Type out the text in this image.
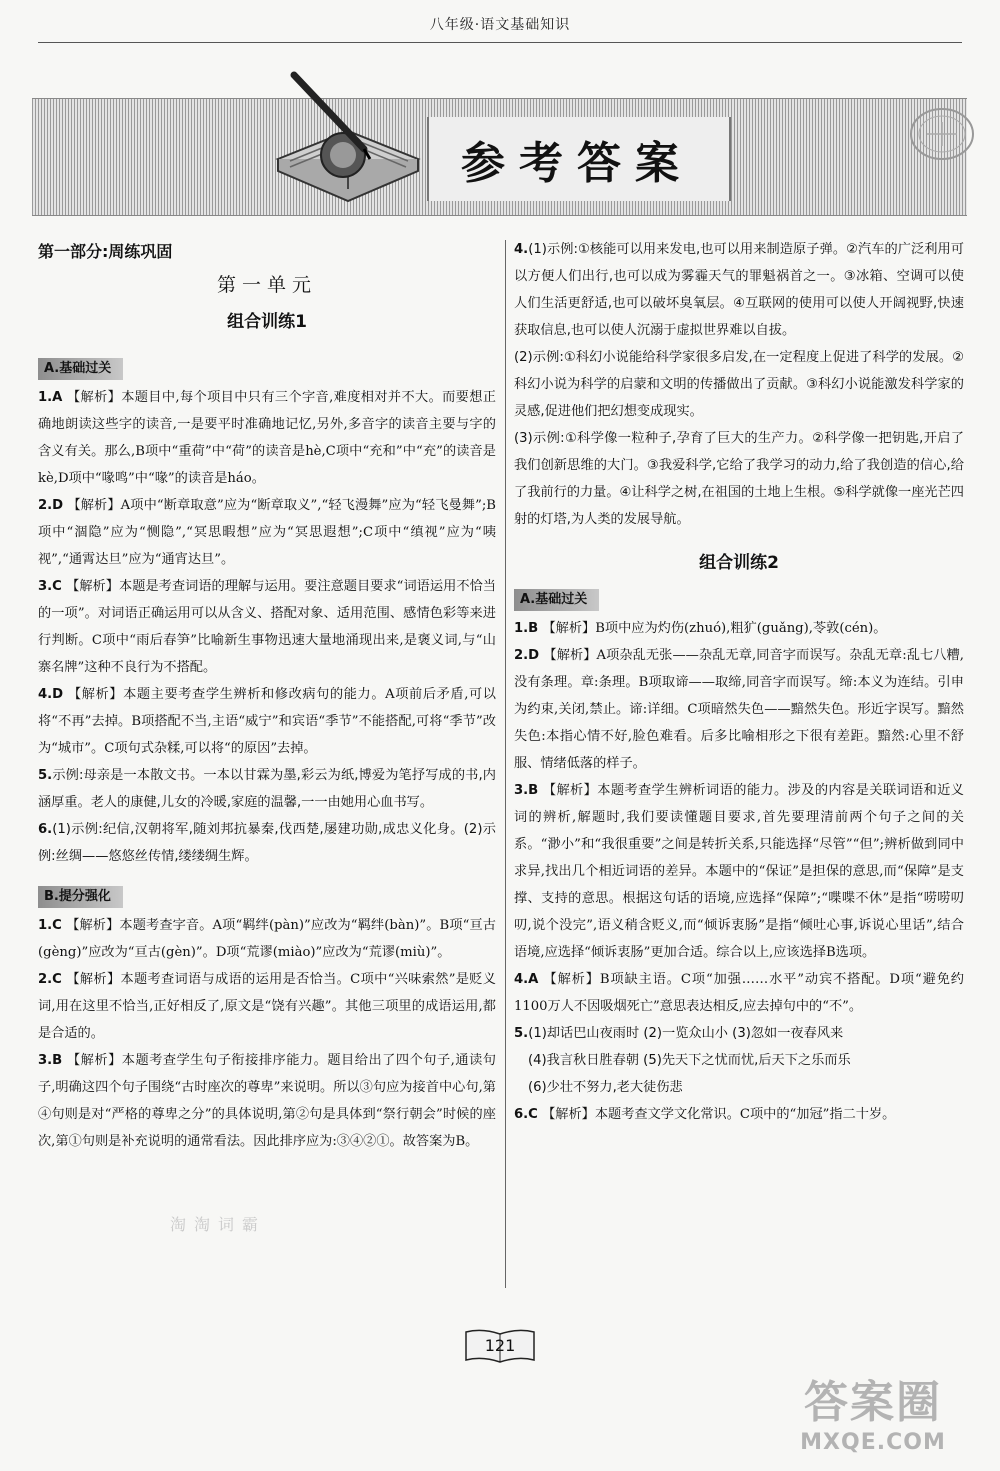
八年级·语文基础知识
参考答案
第一部分:周练巩固
第一单元
组合训练1
A.基础过关
1.A 【解析】本题目中,每个项目中只有三个字音,难度相对并不大。而要想正确地朗读这些字的读音,一是要平时准确地记忆,另外,多音字的读音主要与字的含义有关。那么,B项中“重荷”中“荷”的读音是hè,C项中“充和”中“充”的读音是kè,D项中“喙鸣”中“喙”的读音是háo。
2.D 【解析】A项中“断章取意”应为“断章取义”,“轻飞漫舞”应为“轻飞曼舞”;B项中“涸隐”应为“恻隐”,“冥思暇想”应为“冥思遐想”;C项中“缜视”应为“咦视”,“通霄达旦”应为“通宵达旦”。
3.C 【解析】本题是考查词语的理解与运用。要注意题目要求“词语运用不恰当的一项”。对词语正确运用可以从含义、搭配对象、适用范围、感情色彩等来进行判断。C项中“雨后春笋”比喻新生事物迅速大量地涌现出来,是褒义词,与“山寨名牌”这种不良行为不搭配。
4.D 【解析】本题主要考查学生辨析和修改病句的能力。A项前后矛盾,可以将“不再”去掉。B项搭配不当,主语“威宁”和宾语“季节”不能搭配,可将“季节”改为“城市”。C项句式杂糅,可以将“的原因”去掉。
5.示例:母亲是一本散文书。一本以甘霖为墨,彩云为纸,博爱为笔抒写成的书,内涵厚重。老人的康健,儿女的冷暖,家庭的温馨,一一由她用心血书写。
6.(1)示例:纪信,汉朝将军,随刘邦抗暴秦,伐西楚,屡建功勋,成忠义化身。(2)示例:丝绸——悠悠丝传情,缕缕绸生辉。
B.提分强化
1.C 【解析】本题考查字音。A项“羁绊(pàn)”应改为“羁绊(bàn)”。B项“亘古(gèng)”应改为“亘古(gèn)”。D项“荒谬(miào)”应改为“荒谬(miù)”。
2.C 【解析】本题考查词语与成语的运用是否恰当。C项中“兴味索然”是贬义词,用在这里不恰当,正好相反了,原文是“饶有兴趣”。其他三项里的成语运用,都是合适的。
3.B 【解析】本题考查学生句子衔接排序能力。题目给出了四个句子,通读句子,明确这四个句子围绕“古时座次的尊卑”来说明。所以③句应为接首中心句,第④句则是对“严格的尊卑之分”的具体说明,第②句是具体到“祭行朝会”时候的座次,第①句则是补充说明的通常看法。因此排序应为:③④②①。故答案为B。
4.(1)示例:①核能可以用来发电,也可以用来制造原子弹。②汽车的广泛利用可以方便人们出行,也可以成为雾霾天气的罪魁祸首之一。③冰箱、空调可以使人们生活更舒适,也可以破坏臭氧层。④互联网的使用可以使人开阔视野,快速获取信息,也可以使人沉溺于虚拟世界难以自拔。
(2)示例:①科幻小说能给科学家很多启发,在一定程度上促进了科学的发展。②科幻小说为科学的启蒙和文明的传播做出了贡献。③科幻小说能激发科学家的灵感,促进他们把幻想变成现实。
(3)示例:①科学像一粒种子,孕育了巨大的生产力。②科学像一把钥匙,开启了我们创新思维的大门。③我爱科学,它给了我学习的动力,给了我创造的信心,给了我前行的力量。④让科学之树,在祖国的土地上生根。⑤科学就像一座光芒四射的灯塔,为人类的发展导航。
组合训练2
A.基础过关
1.B 【解析】B项中应为灼伤(zhuó),粗犷(guǎng),苓敦(cén)。
2.D 【解析】A项杂乱无张——杂乱无章,同音字而误写。杂乱无章:乱七八糟,没有条理。章:条理。B项取谛——取缔,同音字而误写。缔:本义为连结。引申为约束,关闭,禁止。谛:详细。C项暗然失色——黯然失色。形近字误写。黯然失色:本指心情不好,脸色难看。后多比喻相形之下很有差距。黯然:心里不舒服、情绪低落的样子。
3.B 【解析】本题考查学生辨析词语的能力。涉及的内容是关联词语和近义词的辨析,解题时,我们要读懂题目要求,首先要理清前两个句子之间的关系。“渺小”和“我很重要”之间是转折关系,只能选择“尽管”“但”;辨析做到同中求异,找出几个相近词语的差异。本题中的“保证”是担保的意思,而“保障”是支撑、支持的意思。根据这句话的语境,应选择“保障”;“喋喋不休”是指“唠唠叨叨,说个没完”,语义稍含贬义,而“倾诉衷肠”是指“倾吐心事,诉说心里话”,结合语境,应选择“倾诉衷肠”更加合适。综合以上,应该选择B选项。
4.A 【解析】B项缺主语。C项“加强……水平”动宾不搭配。D项“避免约1100万人不因吸烟死亡”意思表达相反,应去掉句中的“不”。
5.(1)却话巴山夜雨时 (2)一览众山小 (3)忽如一夜春风来
(4)我言秋日胜春朝 (5)先天下之忧而忧,后天下之乐而乐
(6)少壮不努力,老大徒伤悲
6.C 【解析】本题考查文学文化常识。C项中的“加冠”指二十岁。
淘淘词霸
121
答案圈
MXQE.COM
